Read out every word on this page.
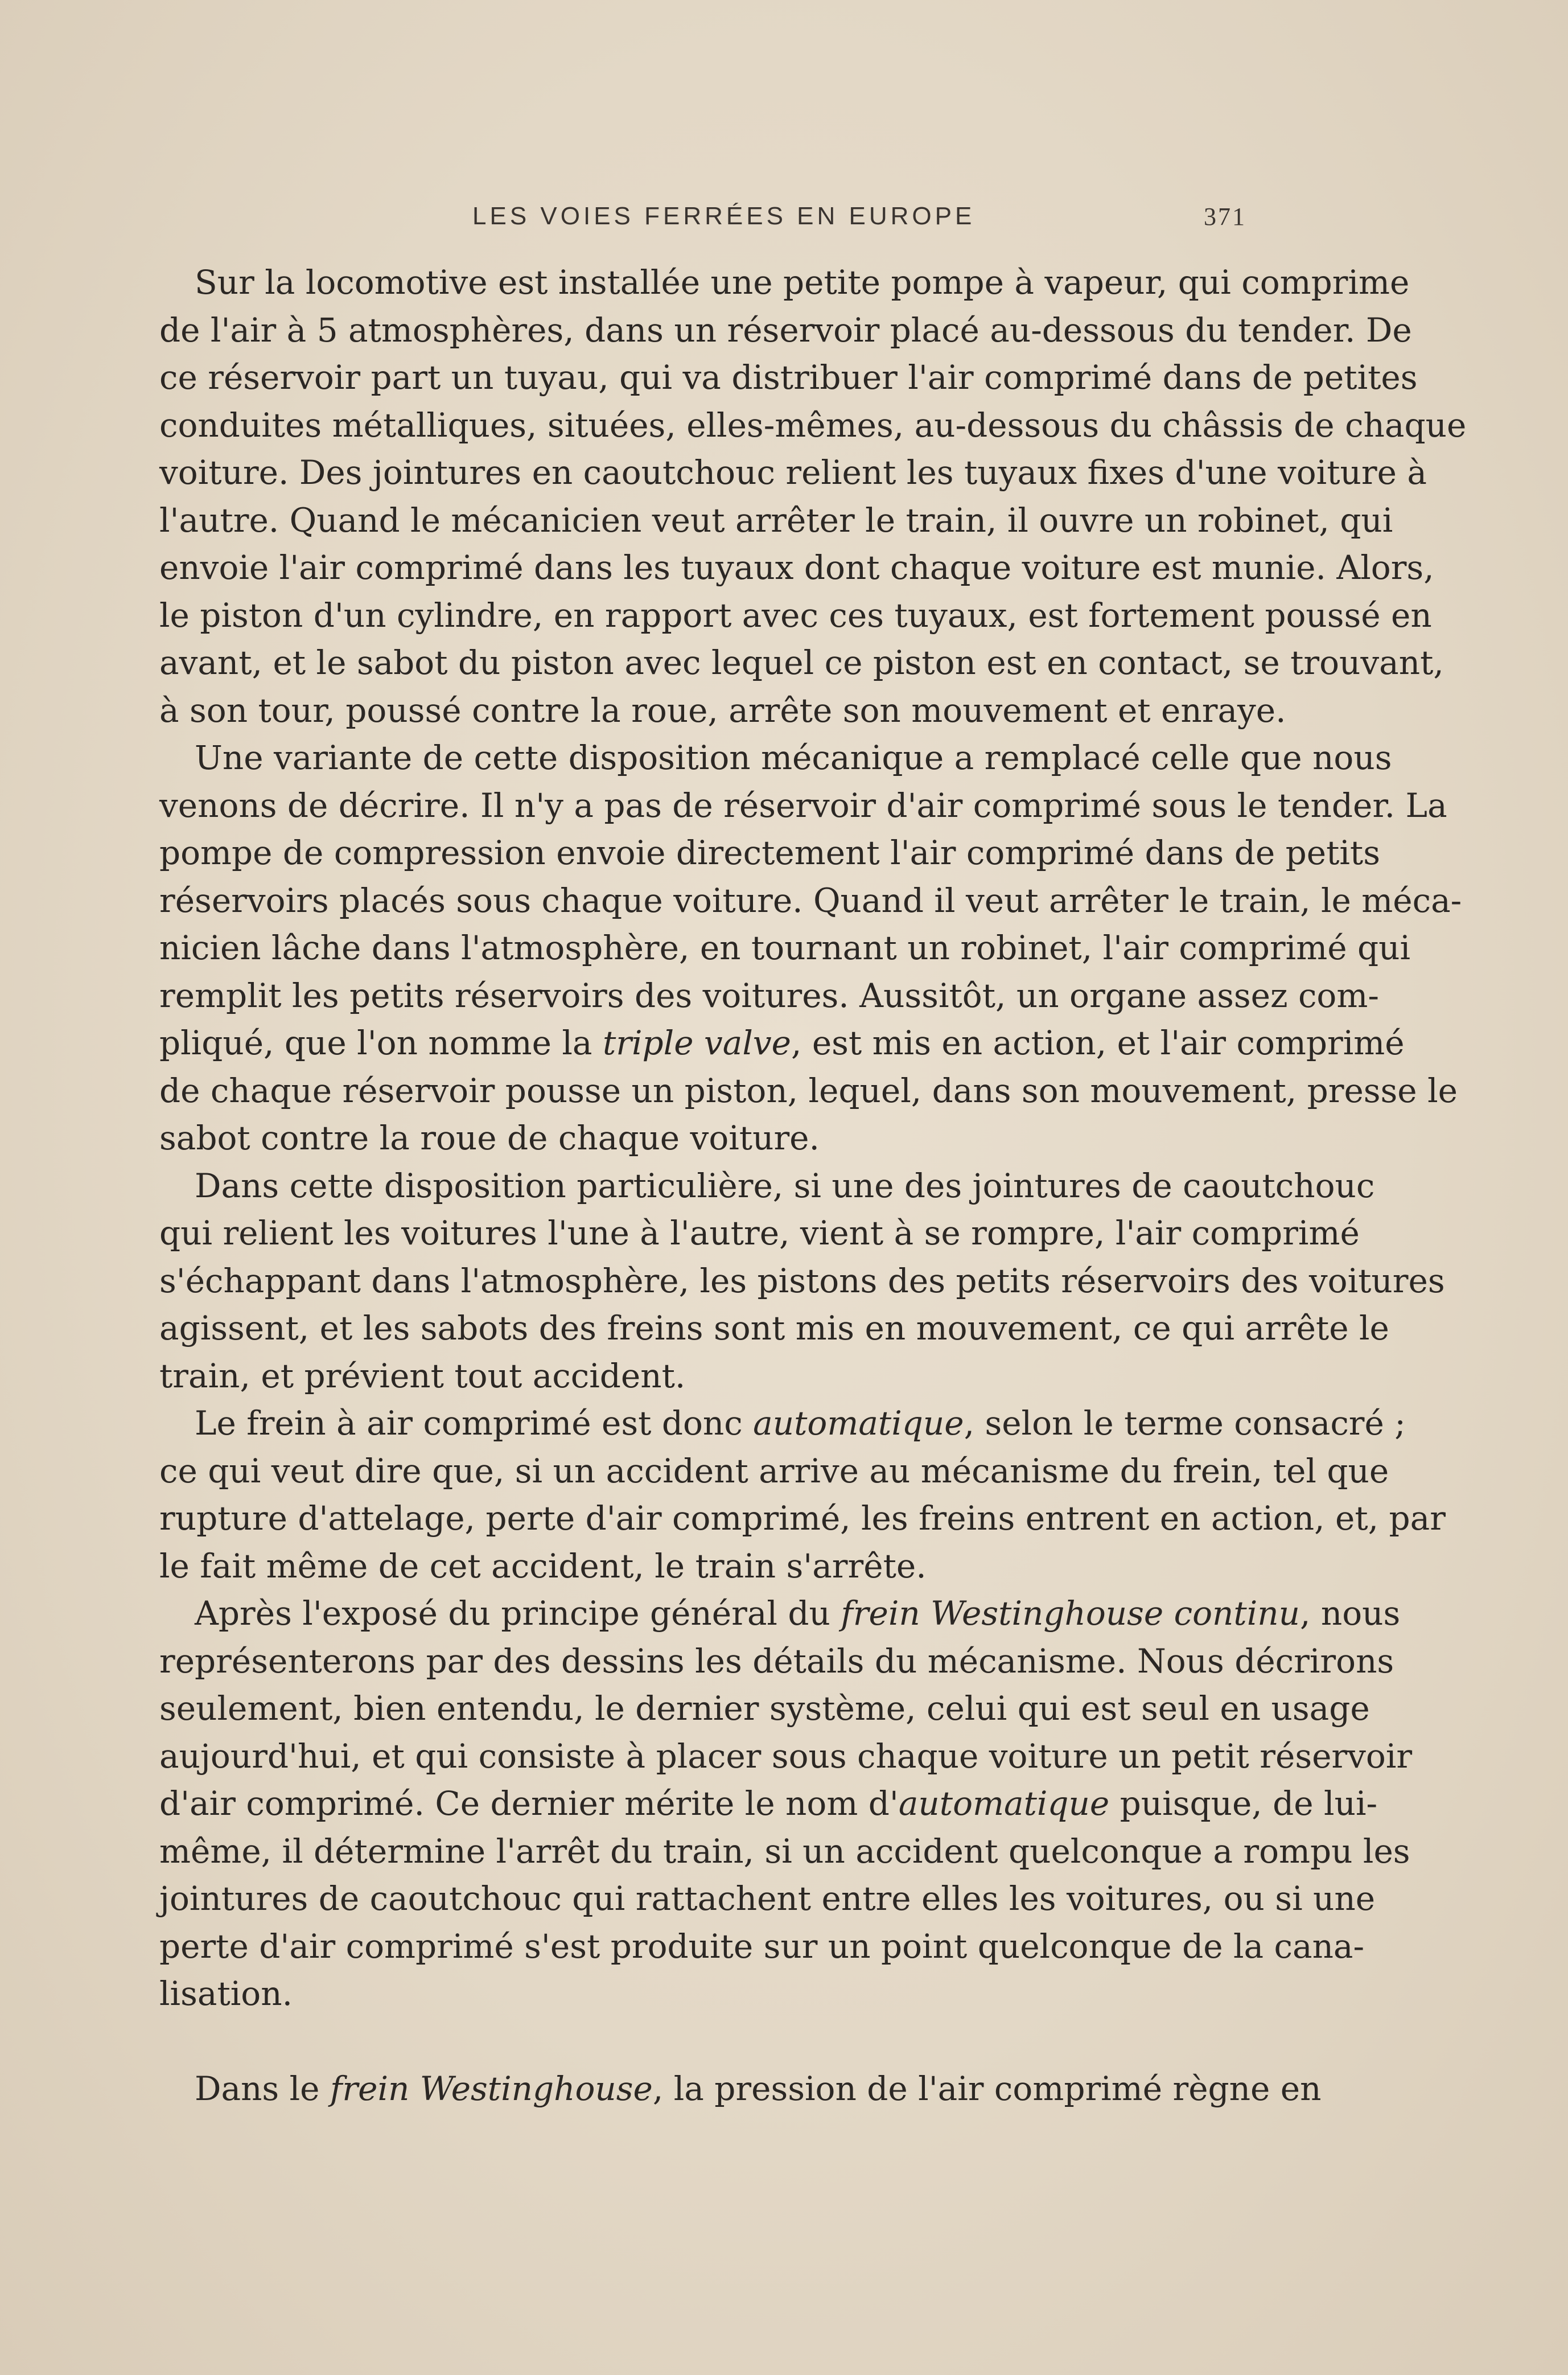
LES VOIES FERRÉES EN EUROPE	371

Sur la locomotive est installée une petite pompe à vapeur, qui comprime
de l'air à 5 atmosphères, dans un réservoir placé au-dessous du tender. De
ce réservoir part un tuyau, qui va distribuer l'air comprimé dans de petites
conduites métalliques, situées, elles-mêmes, au-dessous du châssis de chaque
voiture. Des jointures en caoutchouc relient les tuyaux fixes d'une voiture à
l'autre. Quand le mécanicien veut arrêter le train, il ouvre un robinet, qui
envoie l'air comprimé dans les tuyaux dont chaque voiture est munie. Alors,
le piston d'un cylindre, en rapport avec ces tuyaux, est fortement poussé en
avant, et le sabot du piston avec lequel ce piston est en contact, se trouvant,
à son tour, poussé contre la roue, arrête son mouvement et enraye.

Une variante de cette disposition mécanique a remplacé celle que nous
venons de décrire. Il n'y a pas de réservoir d'air comprimé sous le tender. La
pompe de compression envoie directement l'air comprimé dans de petits
réservoirs placés sous chaque voiture. Quand il veut arrêter le train, le méca-
nicien lâche dans l'atmosphère, en tournant un robinet, l'air comprimé qui
remplit les petits réservoirs des voitures. Aussitôt, un organe assez com-
pliqué, que l'on nomme la triple valve, est mis en action, et l'air comprimé
de chaque réservoir pousse un piston, lequel, dans son mouvement, presse le
sabot contre la roue de chaque voiture.

Dans cette disposition particulière, si une des jointures de caoutchouc
qui relient les voitures l'une à l'autre, vient à se rompre, l'air comprimé
s'échappant dans l'atmosphère, les pistons des petits réservoirs des voitures
agissent, et les sabots des freins sont mis en mouvement, ce qui arrête le
train, et prévient tout accident.

Le frein à air comprimé est donc automatique, selon le terme consacré ;
ce qui veut dire que, si un accident arrive au mécanisme du frein, tel que
rupture d'attelage, perte d'air comprimé, les freins entrent en action, et, par
le fait même de cet accident, le train s'arrête.

Après l'exposé du principe général du frein Westinghouse continu, nous
représenterons par des dessins les détails du mécanisme. Nous décrirons
seulement, bien entendu, le dernier système, celui qui est seul en usage
aujourd'hui, et qui consiste à placer sous chaque voiture un petit réservoir
d'air comprimé. Ce dernier mérite le nom d'automatique puisque, de lui-
même, il détermine l'arrêt du train, si un accident quelconque a rompu les
jointures de caoutchouc qui rattachent entre elles les voitures, ou si une
perte d'air comprimé s'est produite sur un point quelconque de la cana-
lisation.

Dans le frein Westinghouse, la pression de l'air comprimé règne en
